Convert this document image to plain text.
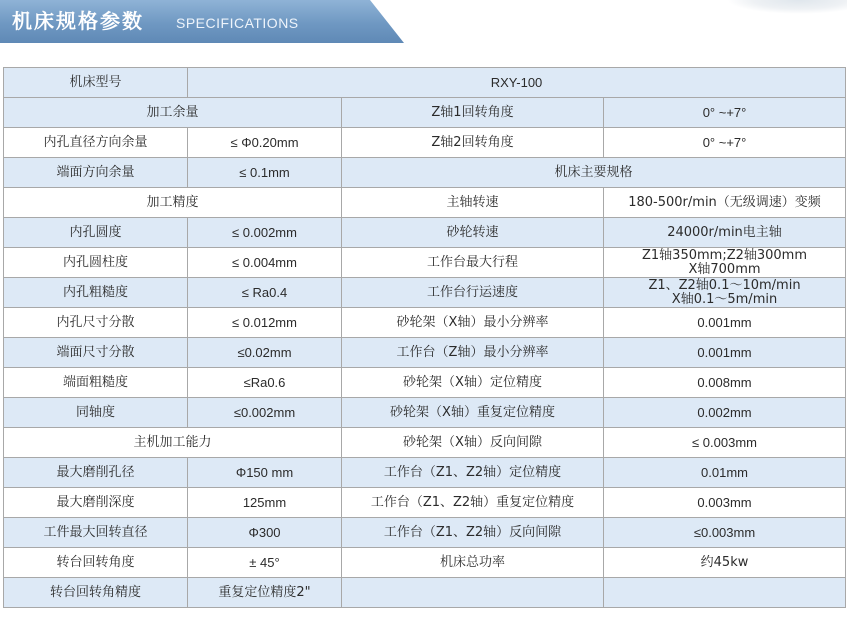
机床规格参数 SPECIFICATIONS
机床型号	RXY-100		
加工余量		Z轴1回转角度	0° ~+7°
内孔直径方向余量	≤ Φ0.20mm	Z轴2回转角度	0° ~+7°
端面方向余量	≤ 0.1mm	机床主要规格	
加工精度		主轴转速	180-500r/min（无级调速）变频
内孔圆度	≤ 0.002mm	砂轮转速	24000r/min电主轴
内孔圆柱度	≤ 0.004mm	工作台最大行程	Z1轴350mm;Z2轴300mm
X轴700mm

内孔粗糙度	≤ Ra0.4	工作台行运速度	Z1、Z2轴0.1～10m/min
X轴0.1～5m/min

内孔尺寸分散	≤ 0.012mm	砂轮架（X轴）最小分辨率	0.001mm
端面尺寸分散	≤0.02mm	工作台（Z轴）最小分辨率	0.001mm
端面粗糙度	≤Ra0.6	砂轮架（X轴）定位精度	0.008mm
同轴度	≤0.002mm	砂轮架（X轴）重复定位精度	0.002mm
主机加工能力		砂轮架（X轴）反向间隙	≤ 0.003mm
最大磨削孔径	Φ150 mm	工作台（Z1、Z2轴）定位精度	0.01mm
最大磨削深度	125mm	工作台（Z1、Z2轴）重复定位精度	0.003mm
工件最大回转直径	Φ300	工作台（Z1、Z2轴）反向间隙	≤0.003mm
转台回转角度	± 45°	机床总功率	约45kw
转台回转角精度	重复定位精度2"		
